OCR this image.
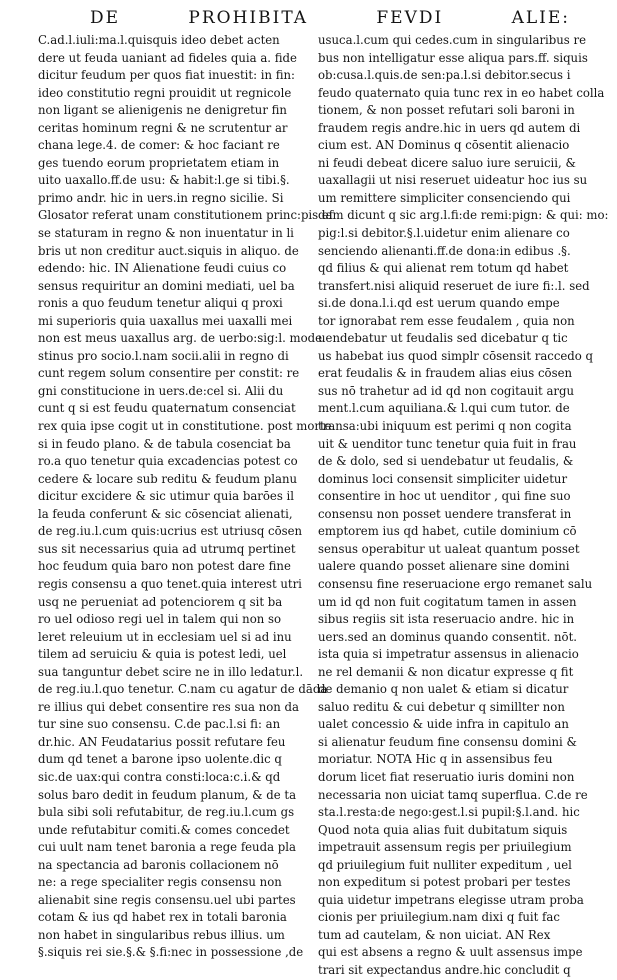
DE	PROHIBITA	FEVDI	ALIE:
C.ad.l.iuli:ma.l.quisquis ideo debet acten
dere ut feuda uaniant ad fideles quia a. fide
dicitur feudum per quos fiat inuestit: in fin:
ideo constitutio regni prouidit ut regnicole
non ligant se alienigenis ne denigretur fin
ceritas hominum regni & ne scrutentur ar
chana lege.4. de comer: & hoc faciant re
ges tuendo eorum proprietatem etiam in
uito uaxallo.ff.de usu: & habit:l.ge si tibi.§.
primo andr. hic in uers.in regno sicilie. Si
Glosator referat unam constitutionem princ:pis ef
se staturam in regno & non inuentatur in li
bris ut non creditur auct.siquis in aliquo. de
edendo: hic. IN Alienatione feudi cuius co
sensus requiritur an domini mediati, uel ba
ronis a quo feudum tenetur aliqui q proxi
mi superioris quia uaxallus mei uaxalli mei
non est meus uaxallus arg. de uerbo:sig:l. mode
stinus pro socio.l.nam socii.alii in regno di
cunt regem solum consentire per constit: re
gni constitucione in uers.de:cel si. Alii du
cunt q si est feudu quaternatum consenciat
rex quia ipse cogit ut in constitutione. post morte.
si in feudo plano. & de tabula cosenciat ba
ro.a quo tenetur quia excadencias potest co
cedere & locare sub reditu & feudum planu
dicitur excidere & sic utimur quia barōes il
la feuda conferunt & sic cōsenciat alienati,
de reg.iu.l.cum quis:ucrius est utriusq cōsen
sus sit necessarius quia ad utrumq pertinet
hoc feudum quia baro non potest dare fine
regis consensu a quo tenet.quia interest utri
usq ne perueniat ad potenciorem q sit ba
ro uel odioso regi uel in talem qui non so
leret releuium ut in ecclesiam uel si ad inu
tilem ad seruiciu & quia is potest ledi, uel
sua tanguntur debet scire ne in illo ledatur.l.
de reg.iu.l.quo tenetur. C.nam cu agatur de dāda
re illius qui debet consentire res sua non da
tur sine suo consensu. C.de pac.l.si fi: an
dr.hic. AN Feudatarius possit refutare feu
dum qd tenet a barone ipso uolente.dic q
sic.de uax:qui contra consti:loca:c.i.& qd
solus baro dedit in feudum planum, & de ta
bula sibi soli refutabitur, de reg.iu.l.cum gs
unde refutabitur comiti.& comes concedet
cui uult nam tenet baronia a rege feuda pla
na spectancia ad baronis collacionem nō
ne: a rege specialiter regis consensu non
alienabit sine regis consensu.uel ubi partes
cotam & ius qd habet rex in totali baronia
non habet in singularibus rebus illius. um
§.siquis rei sie.§.& §.fi:nec in possessione ,de
usuca.l.cum qui cedes.cum in singularibus re
bus non intelligatur esse aliqua pars.ff. siquis
ob:cusa.l.quis.de sen:pa.l.si debitor.secus i
feudo quaternato quia tunc rex in eo habet colla
tionem, & non posset refutari soli baroni in
fraudem regis andre.hic in uers qd autem di
cium est. AN Dominus q cōsentit alienacio
ni feudi debeat dicere saluo iure seruicii, &
uaxallagii ut nisi reseruet uideatur hoc ius su
um remittere simpliciter consenciendo qui
dam dicunt q sic arg.l.fi:de remi:pign: & qui: mo:
pig:l.si debitor.§.l.uidetur enim alienare co
senciendo alienanti.ff.de dona:in edibus .§.
qd filius & qui alienat rem totum qd habet
transfert.nisi aliquid reseruet de iure fi:.l. sed
si.de dona.l.i.qd est uerum quando empe
tor ignorabat rem esse feudalem , quia non
uendebatur ut feudalis sed dicebatur q tic
us habebat ius quod simplr cōsensit raccedo q
erat feudalis & in fraudem alias eius cōsen
sus nō trahetur ad id qd non cogitauit argu
ment.l.cum aquiliana.& l.qui cum tutor. de
transa:ubi iniquum est perimi q non cogita
uit & uenditor tunc tenetur quia fuit in frau
de & dolo, sed si uendebatur ut feudalis, &
dominus loci consensit simpliciter uidetur
consentire in hoc ut uenditor , qui fine suo
consensu non posset uendere transferat in
emptorem ius qd habet, cutile dominium cō
sensus operabitur ut ualeat quantum posset
ualere quando posset alienare sine domini
consensu fine reseruacione ergo remanet salu
um id qd non fuit cogitatum tamen in assen
sibus regiis sit ista reseruacio andre. hic in
uers.sed an dominus quando consentit. nōt.
ista quia si impetratur assensus in alienacio
ne rel demanii & non dicatur expresse q fit
de demanio q non ualet & etiam si dicatur
saluo reditu & cui debetur q simillter non
ualet concessio & uide infra in capitulo an
si alienatur feudum fine consensu domini &
moriatur. NOTA Hic q in assensibus feu
dorum licet fiat reseruatio iuris domini non
necessaria non uiciat tamq superflua. C.de re
sta.l.resta:de nego:gest.l.si pupil:§.l.and. hic
Quod nota quia alias fuit dubitatum siquis
impetrauit assensum regis per priuilegium
qd priuilegium fuit nulliter expeditum , uel
non expeditum si potest probari per testes
quia uidetur impetrans elegisse utram proba
cionis per priuilegium.nam dixi q fuit fac
tum ad cautelam, & non uiciat. AN Rex
qui est absens a regno & uult assensus impe
trari sit expectandus andre.hic concludit q
